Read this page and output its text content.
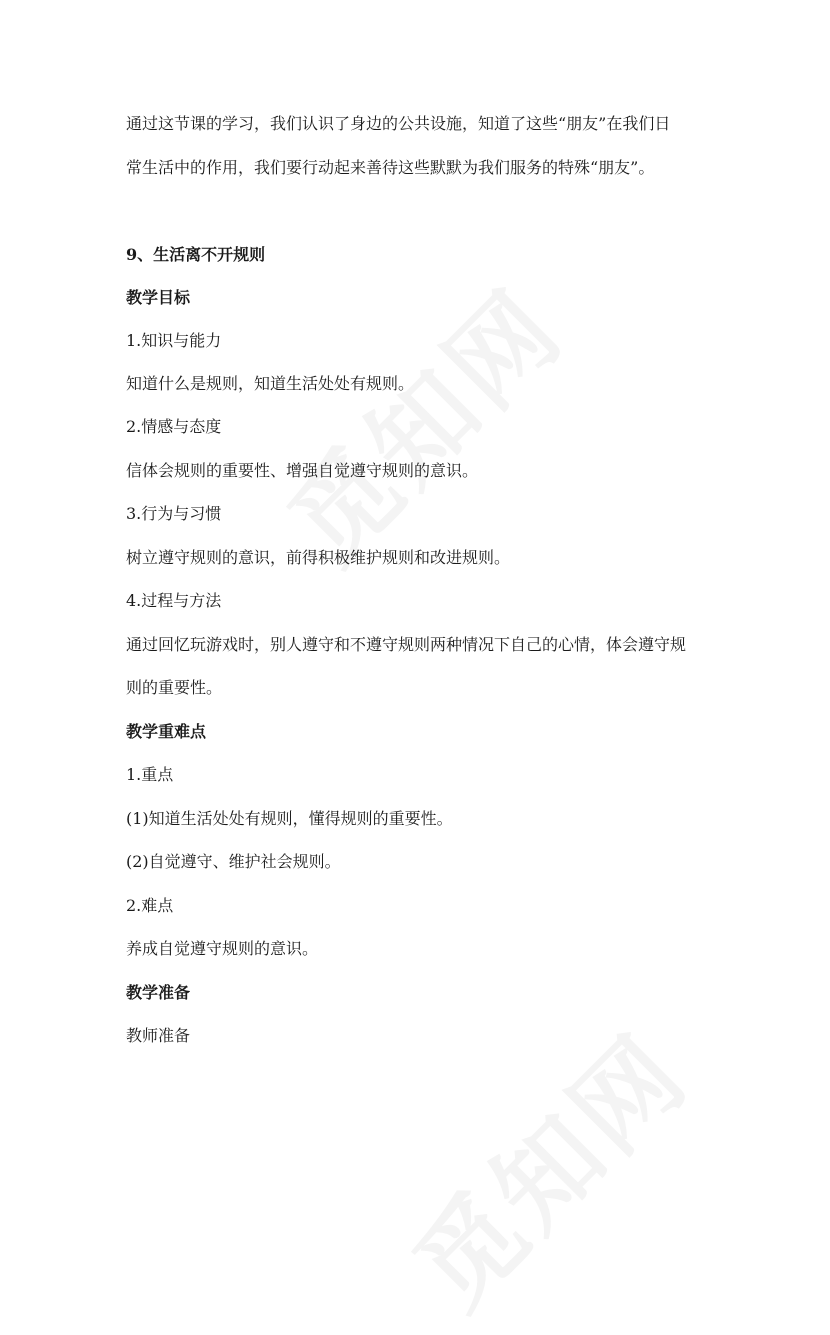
通过这节课的学习，我们认识了身边的公共设施，知道了这些“朋友”在我们日
常生活中的作用，我们要行动起来善待这些默默为我们服务的特殊“朋友”。
9、生活离不开规则
教学目标
1.知识与能力
知道什么是规则，知道生活处处有规则。
2.情感与态度
信体会规则的重要性、增强自觉遵守规则的意识。
3.行为与习惯
树立遵守规则的意识，前得积极维护规则和改进规则。
4.过程与方法
通过回忆玩游戏时，别人遵守和不遵守规则两种情况下自己的心情，体会遵守规
则的重要性。
教学重难点
1.重点
(1)知道生活处处有规则，懂得规则的重要性。
(2)自觉遵守、维护社会规则。
2.难点
养成自觉遵守规则的意识。
教学准备
教师准备
